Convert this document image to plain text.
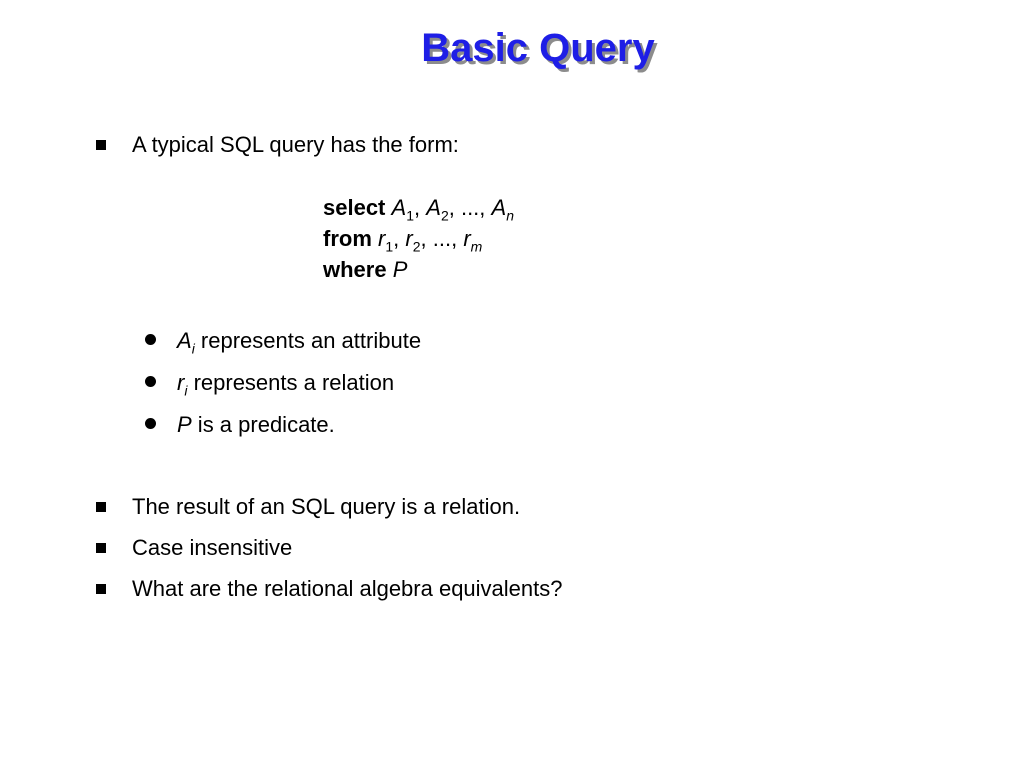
Basic Query
A typical SQL query has the form:
select $A_1$, $A_2$, ..., $A_n$
from $r_1$, $r_2$, ..., $r_m$
where P
$A_i$ represents an attribute
$r_i$ represents a relation
P is a predicate.
The result of an SQL query is a relation.
Case insensitive
What are the relational algebra equivalents?
